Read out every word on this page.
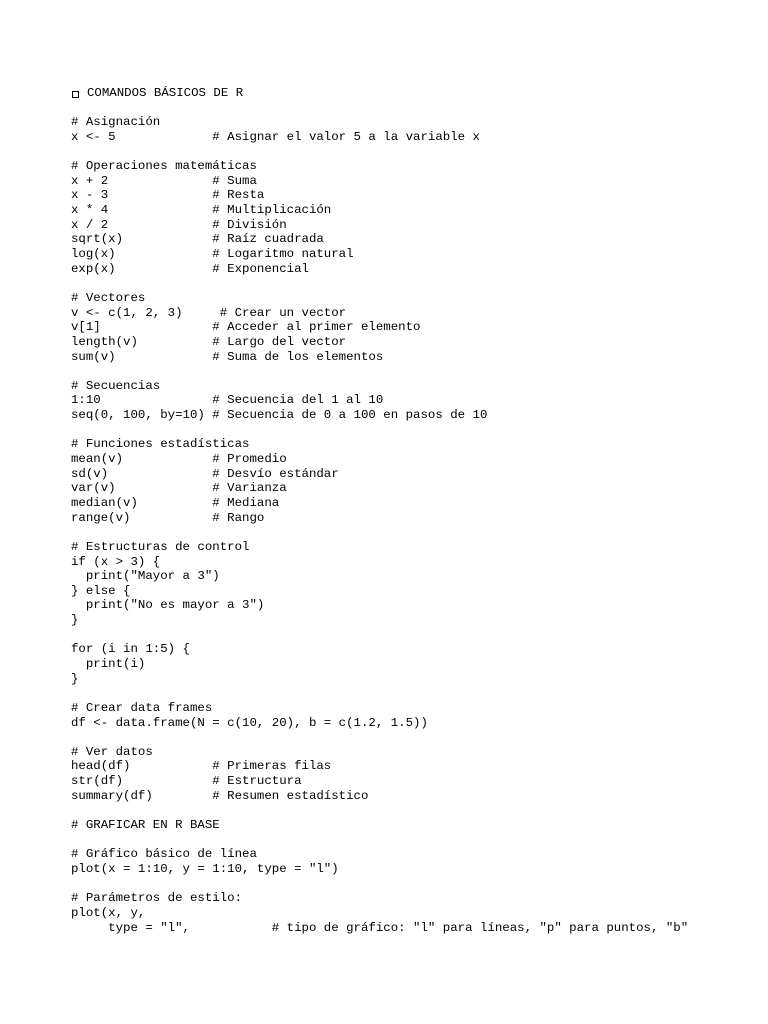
COMANDOS BÁSICOS DE R
# Asignación
x <- 5             # Asignar el valor 5 a la variable x
# Operaciones matemáticas
x + 2              # Suma
x - 3              # Resta
x * 4              # Multiplicación
x / 2              # División
sqrt(x)            # Raíz cuadrada
log(x)             # Logaritmo natural
exp(x)             # Exponencial
# Vectores
v <- c(1, 2, 3)     # Crear un vector
v[1]               # Acceder al primer elemento
length(v)          # Largo del vector
sum(v)             # Suma de los elementos
# Secuencias
1:10               # Secuencia del 1 al 10
seq(0, 100, by=10) # Secuencia de 0 a 100 en pasos de 10
# Funciones estadísticas
mean(v)            # Promedio
sd(v)              # Desvío estándar
var(v)             # Varianza
median(v)          # Mediana
range(v)           # Rango
# Estructuras de control
if (x > 3) {
print("Mayor a 3")
} else {
print("No es mayor a 3")
}
for (i in 1:5) {
print(i)
}
# Crear data frames
df <- data.frame(N = c(10, 20), b = c(1.2, 1.5))
# Ver datos
head(df)           # Primeras filas
str(df)            # Estructura
summary(df)        # Resumen estadístico
# GRAFICAR EN R BASE
# Gráfico básico de línea
plot(x = 1:10, y = 1:10, type = "l")
# Parámetros de estilo:
plot(x, y,
type = "l",           # tipo de gráfico: "l" para líneas, "p" para puntos, "b"
